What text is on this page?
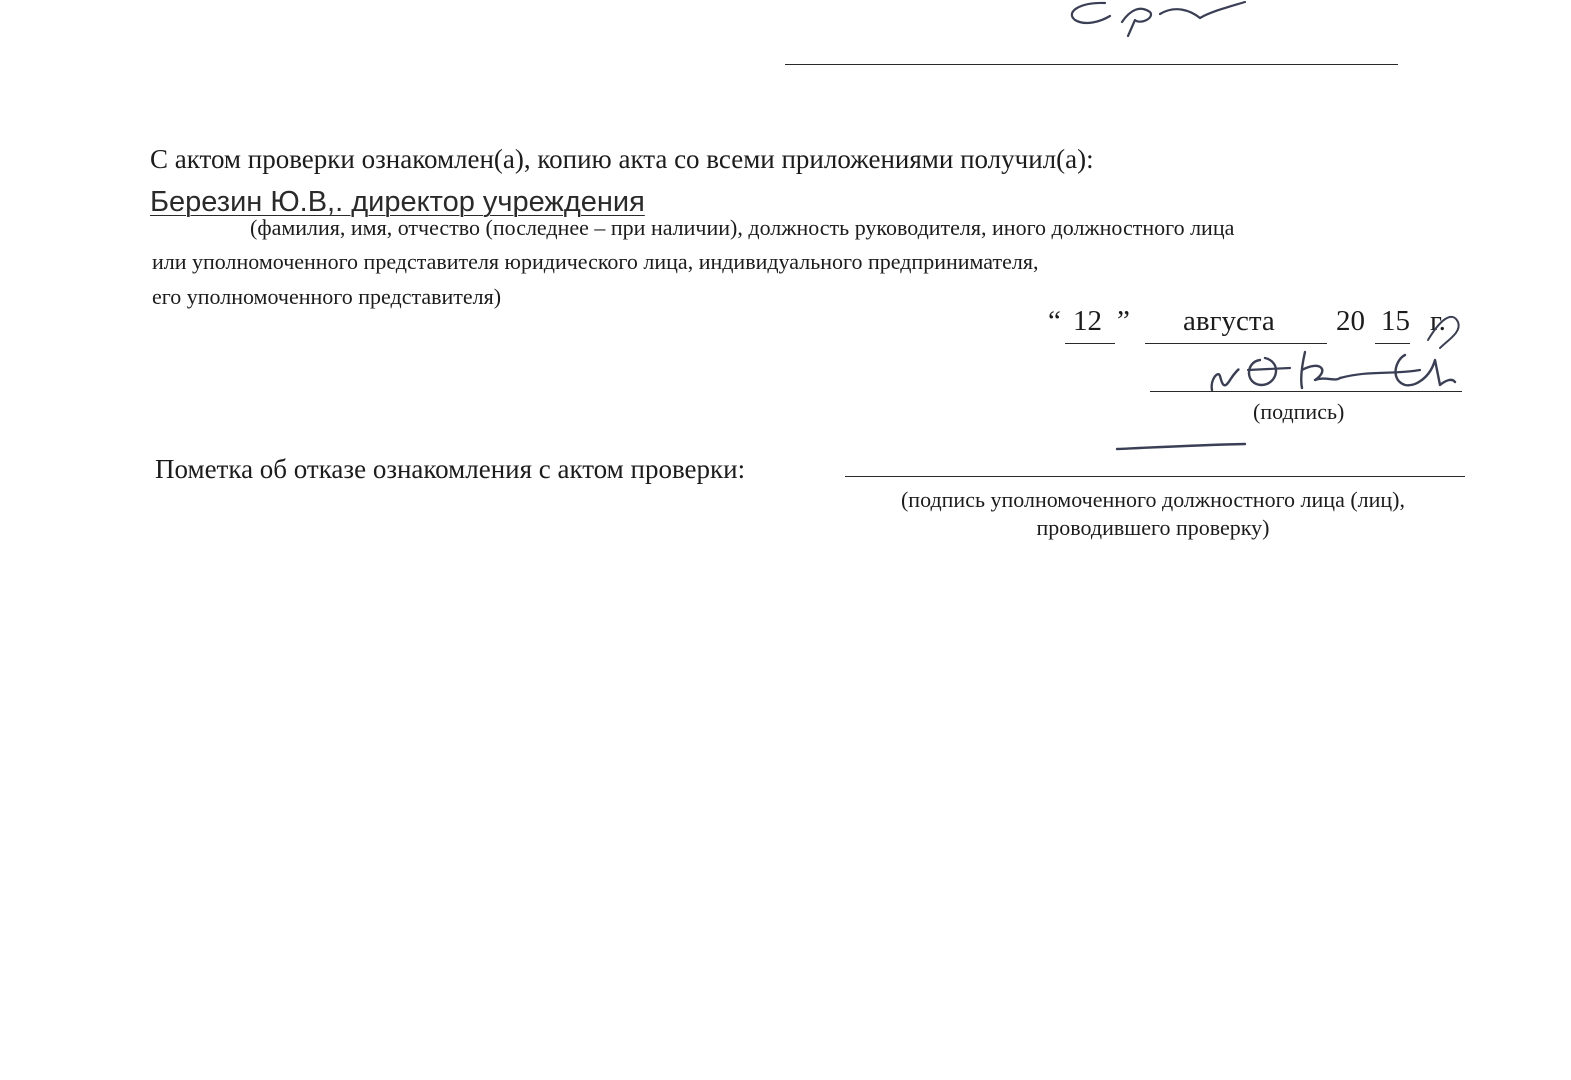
С актом проверки ознакомлен(а), копию акта со всеми приложениями получил(а):
Березин Ю.В,. директор учреждения
(фамилия, имя, отчество (последнее – при наличии), должность руководителя, иного должностного лица
или уполномоченного представителя юридического лица, индивидуального предпринимателя,
его уполномоченного представителя)
“ 12 ” августа 20 15 г.
(подпись)
Пометка об отказе ознакомления с актом проверки:
(подпись уполномоченного должностного лица (лиц),
проводившего проверку)
